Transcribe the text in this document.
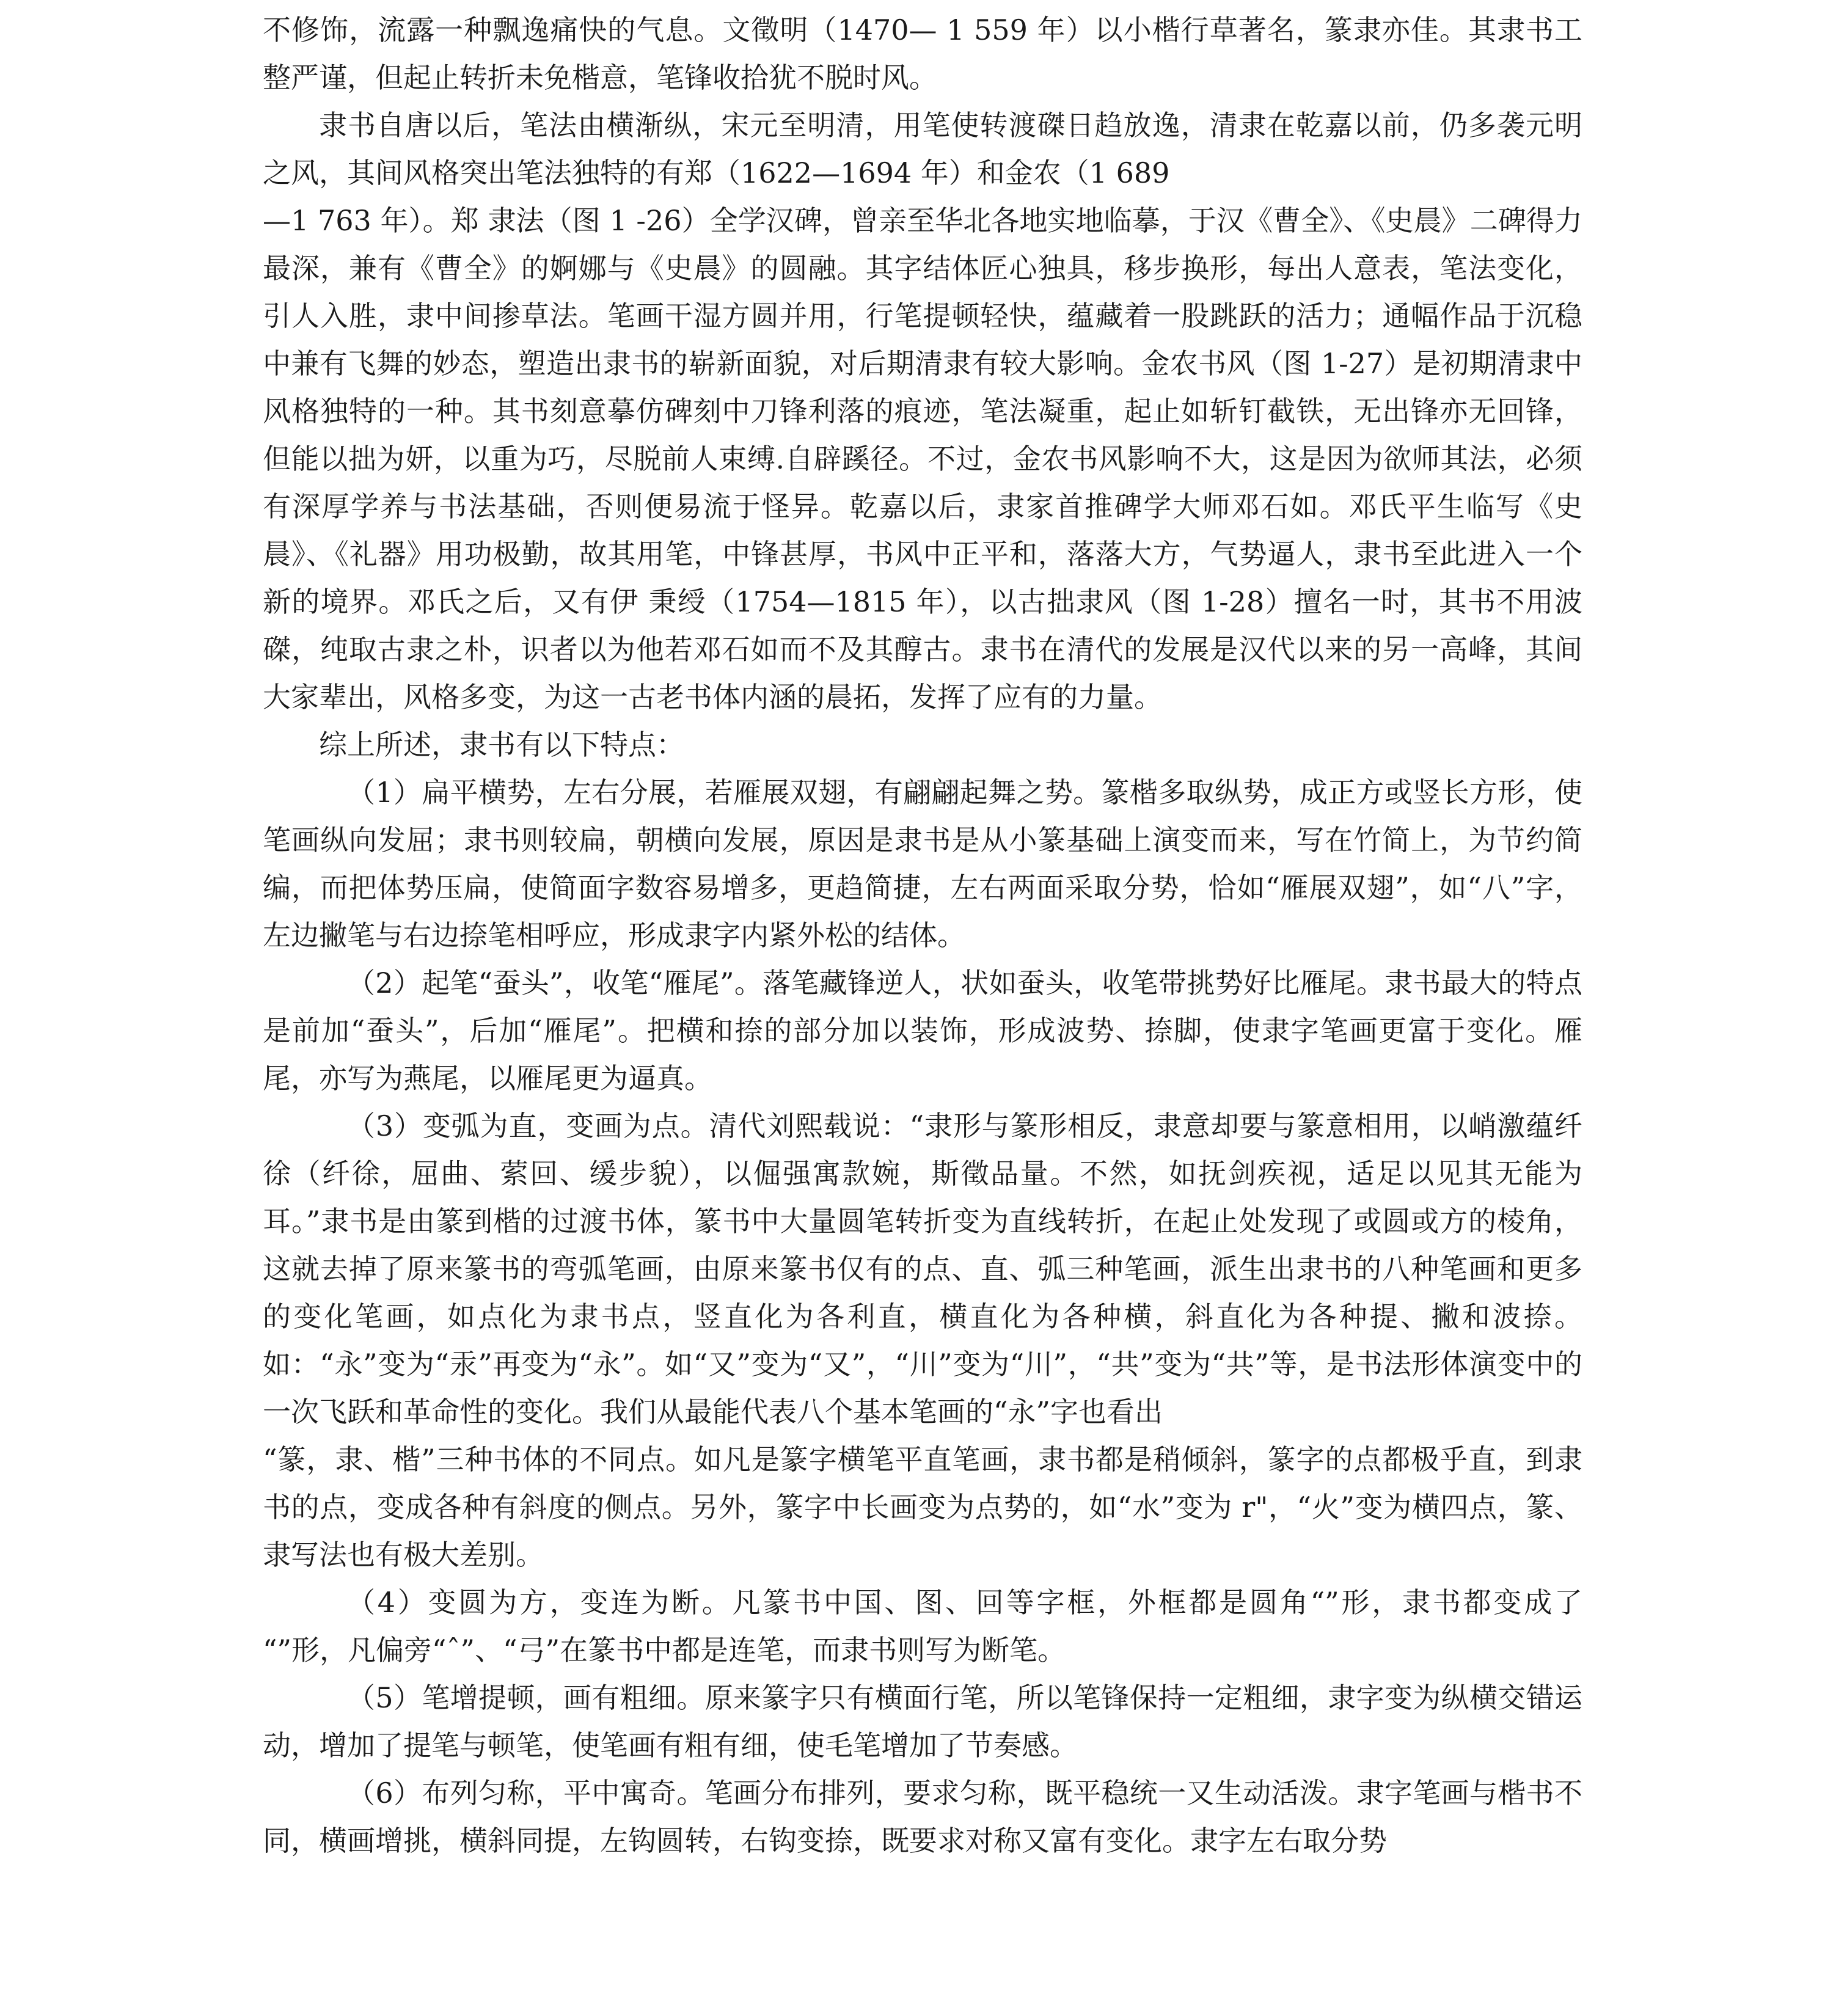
不修饰，流露一种飘逸痛快的气息。文徵明（1470— 1 559 年）以小楷行草著名，篆隶亦佳。其隶书工整严谨，但起止转折未免楷意，笔锋收拾犹不脱时风。

隶书自唐以后，笔法由横渐纵，宋元至明清，用笔使转渡磔日趋放逸，清隶在乾嘉以前，仍多袭元明之风，其间风格突出笔法独特的有郑（1622—1694 年）和金农（1 689

—1 763 年）。郑 隶法（图 1 -26）全学汉碑，曾亲至华北各地实地临摹，于汉《曹全》、《史晨》二碑得力最深，兼有《曹全》的婀娜与《史晨》的圆融。其字结体匠心独具，移步换形，每出人意表，笔法变化，引人入胜，隶中间掺草法。笔画干湿方圆并用，行笔提顿轻快，蕴藏着一股跳跃的活力；通幅作品于沉稳中兼有飞舞的妙态，塑造出隶书的崭新面貌，对后期清隶有较大影响。金农书风（图 1-27）是初期清隶中风格独特的一种。其书刻意摹仿碑刻中刀锋利落的痕迹，笔法凝重，起止如斩钉截铁，无出锋亦无回锋，但能以拙为妍，以重为巧，尽脱前人束缚.自辟蹊径。不过，金农书风影响不大，这是因为欲师其法，必须有深厚学养与书法基础，否则便易流于怪异。乾嘉以后，隶家首推碑学大师邓石如。邓氏平生临写《史晨》、《礼器》用功极勤，故其用笔，中锋甚厚，书风中正平和，落落大方，气势逼人，隶书至此进入一个新的境界。邓氏之后，又有伊 秉绶（1754—1815 年），以古拙隶风（图 1-28）擅名一时，其书不用波磔，纯取古隶之朴，识者以为他若邓石如而不及其醇古。隶书在清代的发展是汉代以来的另一高峰，其间大家辈出，风格多变，为这一古老书体内涵的晨拓，发挥了应有的力量。

综上所述，隶书有以下特点：

（1）扁平横势，左右分展，若雁展双翅，有翩翩起舞之势。篆楷多取纵势，成正方或竖长方形，使笔画纵向发屈；隶书则较扁，朝横向发展，原因是隶书是从小篆基础上演变而来，写在竹简上，为节约简编，而把体势压扁，使简面字数容易增多，更趋简捷，左右两面采取分势，恰如“雁展双翅”，如“八”字，左边撇笔与右边捺笔相呼应，形成隶字内紧外松的结体。

（2）起笔“蚕头”，收笔“雁尾”。落笔藏锋逆人，状如蚕头，收笔带挑势好比雁尾。隶书最大的特点是前加“蚕头”，后加“雁尾”。把横和捺的部分加以装饰，形成波势、捺脚，使隶字笔画更富于变化。雁尾，亦写为燕尾，以雁尾更为逼真。

（3）变弧为直，变画为点。清代刘熙载说：“隶形与篆形相反，隶意却要与篆意相用，以峭激蕴纤徐（纤徐，屈曲、萦回、缓步貌），以倔强寓款婉，斯徵品量。不然，如抚剑疾视，适足以见其无能为耳。”隶书是由篆到楷的过渡书体，篆书中大量圆笔转折变为直线转折，在起止处发现了或圆或方的棱角，这就去掉了原来篆书的弯弧笔画，由原来篆书仅有的点、直、弧三种笔画，派生出隶书的八种笔画和更多的变化笔画，如点化为隶书点，竖直化为各利直，横直化为各种横，斜直化为各种提、撇和波捺。如：“永”变为“汞”再变为“永”。如“又”变为“又”，“川”变为“川”，“共”变为“共”等，是书法形体演变中的一次飞跃和革命性的变化。我们从最能代表八个基本笔画的“永”字也看出

“篆，隶、楷”三种书体的不同点。如凡是篆字横笔平直笔画，隶书都是稍倾斜，篆字的点都极乎直，到隶书的点，变成各种有斜度的侧点。另外，篆字中长画变为点势的，如“水”变为 r"，“火”变为横四点，篆、隶写法也有极大差别。

（4）变圆为方，变连为断。凡篆书中国、图、回等字框，外框都是圆角“”形，隶书都变成了 “”形，凡偏旁“ˆ”、“弓”在篆书中都是连笔，而隶书则写为断笔。

（5）笔增提顿，画有粗细。原来篆字只有横面行笔，所以笔锋保持一定粗细，隶字变为纵横交错运动，增加了提笔与顿笔，使笔画有粗有细，使毛笔增加了节奏感。

（6）布列匀称，平中寓奇。笔画分布排列，要求匀称，既平稳统一又生动活泼。隶字笔画与楷书不同，横画增挑，横斜同提，左钩圆转，右钩变捺，既要求对称又富有变化。隶字左右取分势
